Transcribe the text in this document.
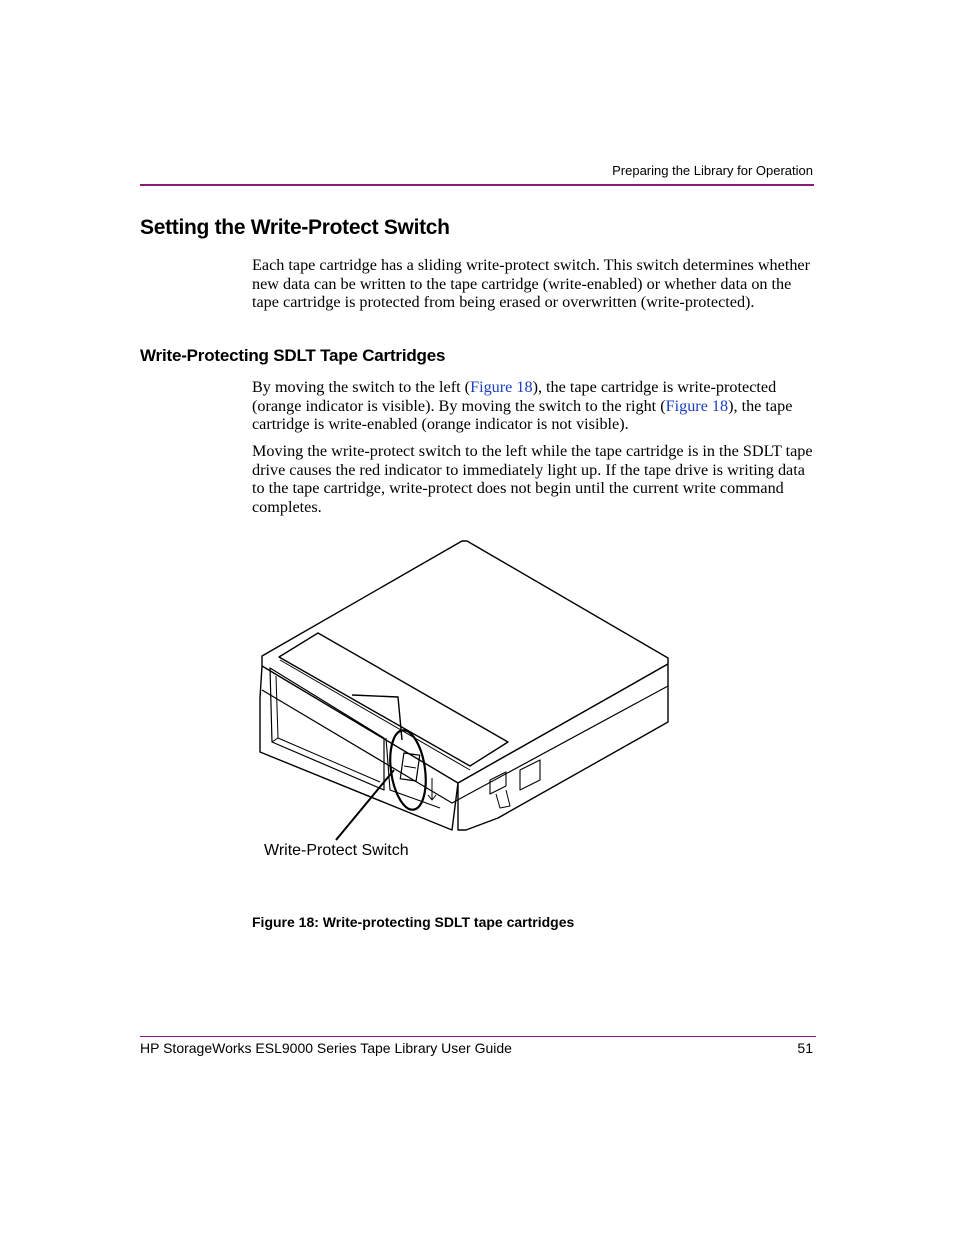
Preparing the Library for Operation
Setting the Write-Protect Switch

Each tape cartridge has a sliding write-protect switch. This switch determines whether new data can be written to the tape cartridge (write-enabled) or whether data on the tape cartridge is protected from being erased or overwritten (write-protected).

Write-Protecting SDLT Tape Cartridges

By moving the switch to the left (Figure 18), the tape cartridge is write-protected (orange indicator is visible). By moving the switch to the right (Figure 18), the tape cartridge is write-enabled (orange indicator is not visible).

Moving the write-protect switch to the left while the tape cartridge is in the SDLT tape drive causes the red indicator to immediately light up. If the tape drive is writing data to the tape cartridge, write-protect does not begin until the current write command completes.

Write-Protect Switch
Figure 18: Write-protecting SDLT tape cartridges
HP StorageWorks ESL9000 Series Tape Library User Guide	51
